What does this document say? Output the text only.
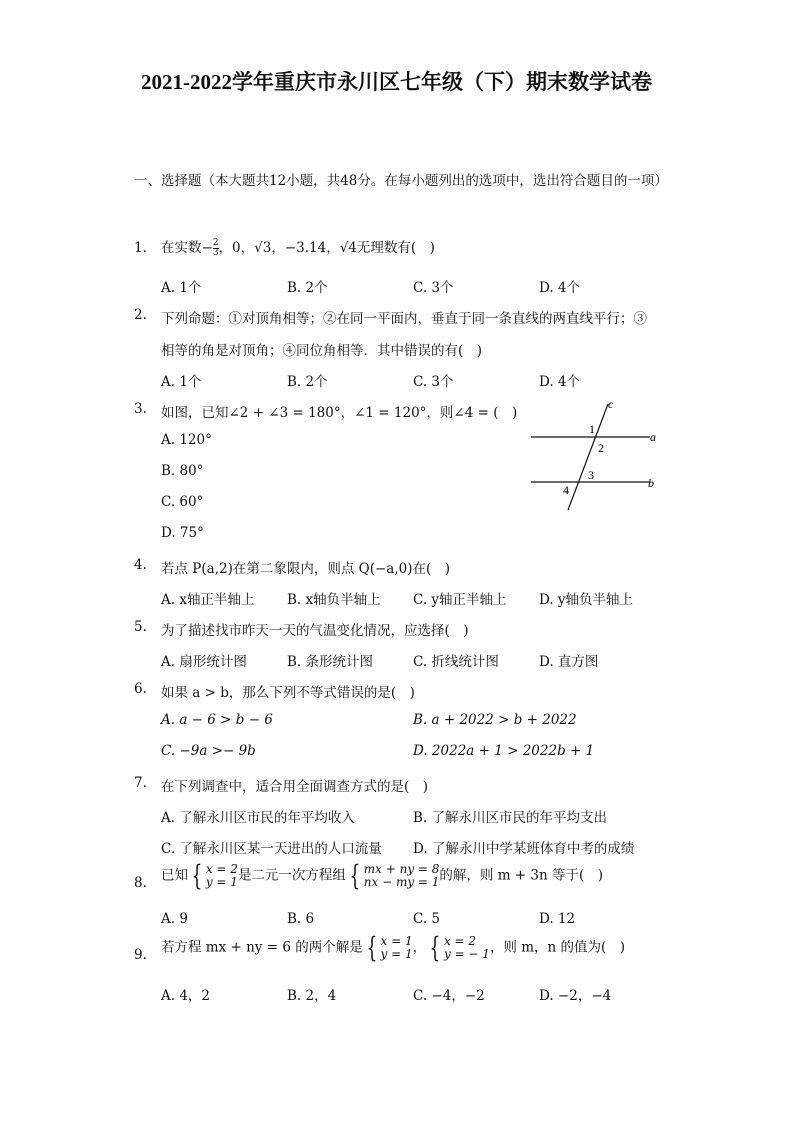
2021-2022学年重庆市永川区七年级（下）期末数学试卷
一、选择题（本大题共12小题，共48分。在每小题列出的选项中，选出符合题目的一项）
1. 在实数− $\frac{2}{3}$ ，0，√3，−3.14，√4无理数有(　)
A. 1个	B. 2个	C. 3个	D. 4个
2. 下列命题：①对顶角相等；②在同一平面内，垂直于同一条直线的两直线平行；③
相等的角是对顶角；④同位角相等．其中错误的有(　)
A. 1个	B. 2个	C. 3个	D. 4个
3. 如图，已知∠2 + ∠3 = 180°，∠1 = 120°，则∠4 = (　)
A. 120°
B. 80°
C. 60°
D. 75°
c
a
b
1
2
3
4
4. 若点 P(a,2)在第二象限内，则点 Q(−a,0)在(　)
A. x轴正半轴上 B. x轴负半轴上 C. y轴正半轴上 D. y轴负半轴上
5. 为了描述找市昨天一天的气温变化情况，应选择(　)
A. 扇形统计图	B. 条形统计图	C. 折线统计图	D. 直方图
6. 如果 a > b，那么下列不等式错误的是(　)
A. a − 6 > b − 6	B. a + 2022 > b + 2022
C. −9a >− 9b	D. 2022a + 1 > 2022b + 1
7. 在下列调查中，适合用全面调查方式的是(　)
A. 了解永川区市民的年平均收入	B. 了解永川区市民的年平均支出
C. 了解永川区某一天进出的人口流量 D. 了解永川中学某班体育中考的成绩
8. 已知 { x = 2
y = 1是二元一次方程组 { mx + ny = 8
nx − my = 1的解，则 m + 3n 等于(　)
A. 9	B. 6	C. 5	D. 12
9. 若方程 mx + ny = 6 的两个解是 { x = 1
y = 1， { x = 2
y = − 1，则 m，n 的值为(　)
A. 4，2	B. 2，4	C. −4，−2	D. −2，−4
